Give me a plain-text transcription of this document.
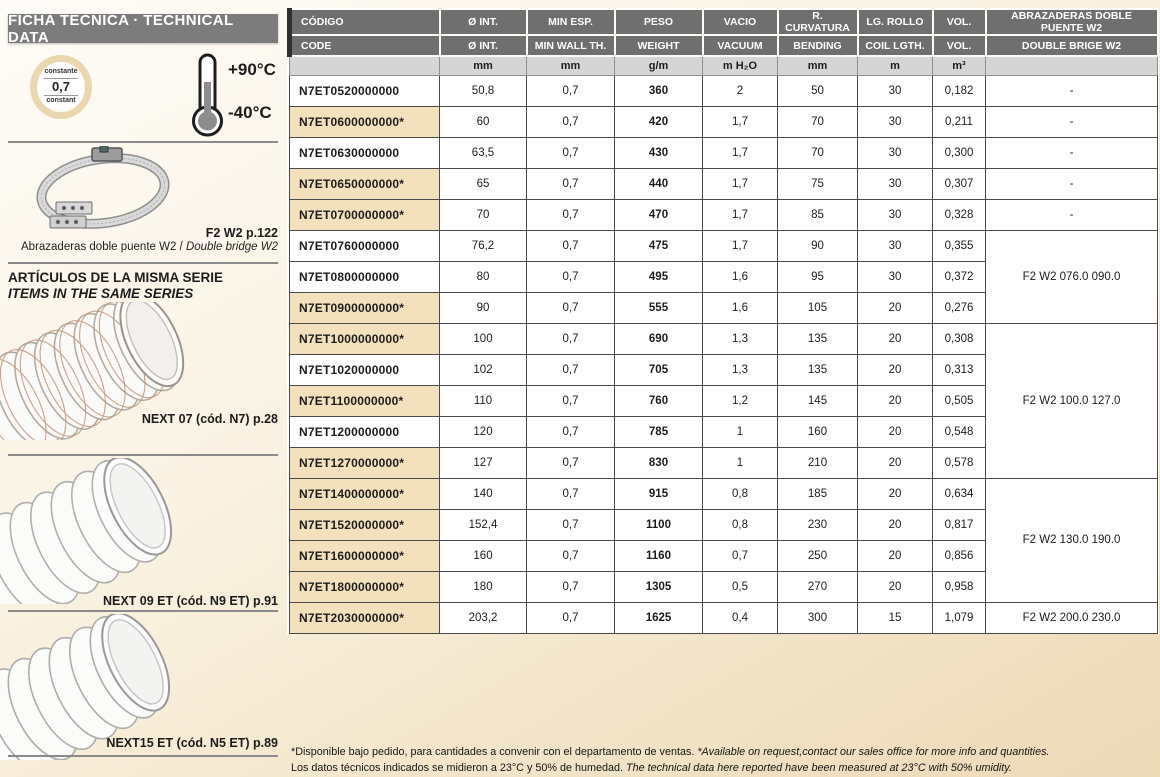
FICHA TÈCNICA · TECHNICAL DATA
constante
0,7
constant
+90°C
-40°C
F2 W2 p.122
Abrazaderas doble puente W2 / Double bridge W2
ARTÍCULOS DE LA MISMA SERIE
ITEMS IN THE SAME SERIES
NEXT 07 (cód. N7) p.28
NEXT 09 ET (cód. N9 ET) p.91
NEXT15 ET (cód. N5 ET) p.89
CÓDIGO	Ø INT.	MIN ESP.	PESO	VACIO	R. CURVATURA	LG. ROLLO	VOL.	ABRAZADERAS DOBLE PUENTE W2
CODE	Ø INT.	MIN WALL TH.	WEIGHT	VACUUM	BENDING	COIL LGTH.	VOL.	DOUBLE BRIGE W2
	mm	mm	g/m	m H₂O	mm	m	m³	
N7ET0520000000	50,8	0,7	360	2	50	30	0,182	-
N7ET0600000000*	60	0,7	420	1,7	70	30	0,211	-
N7ET0630000000	63,5	0,7	430	1,7	70	30	0,300	-
N7ET0650000000*	65	0,7	440	1,7	75	30	0,307	-
N7ET0700000000*	70	0,7	470	1,7	85	30	0,328	-
N7ET0760000000	76,2	0,7	475	1,7	90	30	0,355	F2 W2 076.0 090.0
N7ET0800000000	80	0,7	495	1,6	95	30	0,372	
N7ET0900000000*	90	0,7	555	1,6	105	20	0,276	
N7ET1000000000*	100	0,7	690	1,3	135	20	0,308	F2 W2 100.0 127.0
N7ET1020000000	102	0,7	705	1,3	135	20	0,313	
N7ET1100000000*	110	0,7	760	1,2	145	20	0,505	
N7ET1200000000	120	0,7	785	1	160	20	0,548	
N7ET1270000000*	127	0,7	830	1	210	20	0,578	
N7ET1400000000*	140	0,7	915	0,8	185	20	0,634	F2 W2 130.0 190.0
N7ET1520000000*	152,4	0,7	1100	0,8	230	20	0,817	
N7ET1600000000*	160	0,7	1160	0,7	250	20	0,856	
N7ET1800000000*	180	0,7	1305	0,5	270	20	0,958	
N7ET2030000000*	203,2	0,7	1625	0,4	300	15	1,079	F2 W2 200.0 230.0
*Disponible bajo pedido, para cantidades a convenir con el departamento de ventas. *Available on request,contact our sales office for more info and quantities.
Los datos técnicos indicados se midieron a 23°C y 50% de humedad. The technical data here reported have been measured at 23°C with 50% umidity.
